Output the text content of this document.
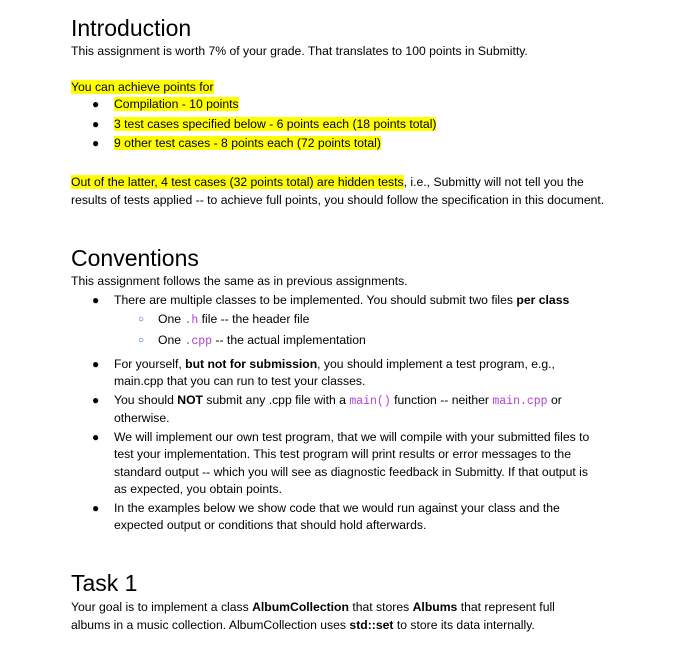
Introduction

This assignment is worth 7% of your grade. That translates to 100 points in Submitty.

You can achieve points for

● Compilation - 10 points

● 3 test cases specified below - 6 points each (18 points total)

● 9 other test cases - 8 points each (72 points total)

Out of the latter, 4 test cases (32 points total) are hidden tests, i.e., Submitty will not tell you the

results of tests applied -- to achieve full points, you should follow the specification in this document.

Conventions

This assignment follows the same as in previous assignments.

● There are multiple classes to be implemented. You should submit two files per class

○ One .h file -- the header file

○ One .cpp -- the actual implementation

● For yourself, but not for submission, you should implement a test program, e.g.,

main.cpp that you can run to test your classes.

● You should NOT submit any .cpp file with a main() function -- neither main.cpp or

otherwise.

● We will implement our own test program, that we will compile with your submitted files to

test your implementation. This test program will print results or error messages to the

standard output -- which you will see as diagnostic feedback in Submitty. If that output is

as expected, you obtain points.

● In the examples below we show code that we would run against your class and the

expected output or conditions that should hold afterwards.

Task 1

Your goal is to implement a class AlbumCollection that stores Albums that represent full

albums in a music collection. AlbumCollection uses std::set to store its data internally.
